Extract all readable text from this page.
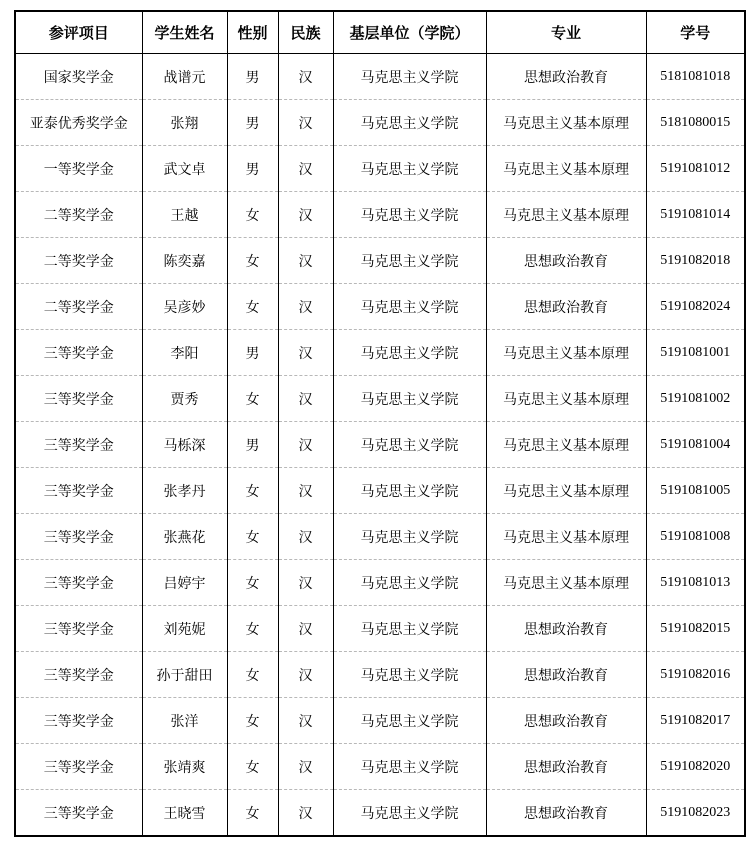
参评项目	学生姓名	性别	民族	基层单位（学院）	专业	学号
国家奖学金	战谱元	男	汉	马克思主义学院	思想政治教育	5181081018
亚泰优秀奖学金	张翔	男	汉	马克思主义学院	马克思主义基本原理	5181080015
一等奖学金	武文卓	男	汉	马克思主义学院	马克思主义基本原理	5191081012
二等奖学金	王越	女	汉	马克思主义学院	马克思主义基本原理	5191081014
二等奖学金	陈奕嘉	女	汉	马克思主义学院	思想政治教育	5191082018
二等奖学金	吴彦妙	女	汉	马克思主义学院	思想政治教育	5191082024
三等奖学金	李阳	男	汉	马克思主义学院	马克思主义基本原理	5191081001
三等奖学金	贾秀	女	汉	马克思主义学院	马克思主义基本原理	5191081002
三等奖学金	马栎深	男	汉	马克思主义学院	马克思主义基本原理	5191081004
三等奖学金	张孝丹	女	汉	马克思主义学院	马克思主义基本原理	5191081005
三等奖学金	张燕花	女	汉	马克思主义学院	马克思主义基本原理	5191081008
三等奖学金	吕婷宇	女	汉	马克思主义学院	马克思主义基本原理	5191081013
三等奖学金	刘苑妮	女	汉	马克思主义学院	思想政治教育	5191082015
三等奖学金	孙于甜田	女	汉	马克思主义学院	思想政治教育	5191082016
三等奖学金	张洋	女	汉	马克思主义学院	思想政治教育	5191082017
三等奖学金	张靖爽	女	汉	马克思主义学院	思想政治教育	5191082020
三等奖学金	王晓雪	女	汉	马克思主义学院	思想政治教育	5191082023
